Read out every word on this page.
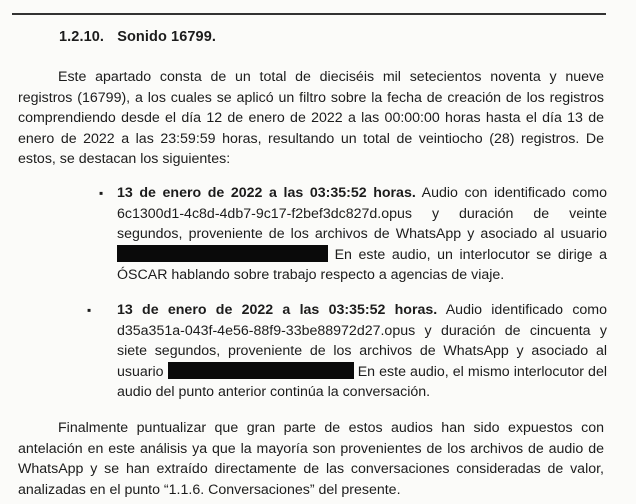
1.2.10. Sonido 16799.

Este apartado consta de un total de dieciséis mil setecientos noventa y nueve registros (16799), a los cuales se aplicó un filtro sobre la fecha de creación de los registros comprendiendo desde el día 12 de enero de 2022 a las 00:00:00 horas hasta el día 13 de enero de 2022 a las 23:59:59 horas, resultando un total de veintiocho (28) registros. De estos, se destacan los siguientes:

▪ 13 de enero de 2022 a las 03:35:52 horas. Audio con identificado como 6c1300d1-4c8d-4db7-9c17-f2bef3dc827d.opus y duración de veinte segundos, proveniente de los archivos de WhatsApp y asociado al usuario  En este audio, un interlocutor se dirige a ÓSCAR hablando sobre trabajo respecto a agencias de viaje.

▪ 13 de enero de 2022 a las 03:35:52 horas. Audio identificado como d35a351a-043f-4e56-88f9-33be88972d27.opus y duración de cincuenta y siete segundos, proveniente de los archivos de WhatsApp y asociado al usuario	En este audio, el mismo interlocutor del audio del punto anterior continúa la conversación.

Finalmente puntualizar que gran parte de estos audios han sido expuestos con antelación en este análisis ya que la mayoría son provenientes de los archivos de audio de WhatsApp y se han extraído directamente de las conversaciones consideradas de valor, analizadas en el punto “1.1.6. Conversaciones” del presente.
